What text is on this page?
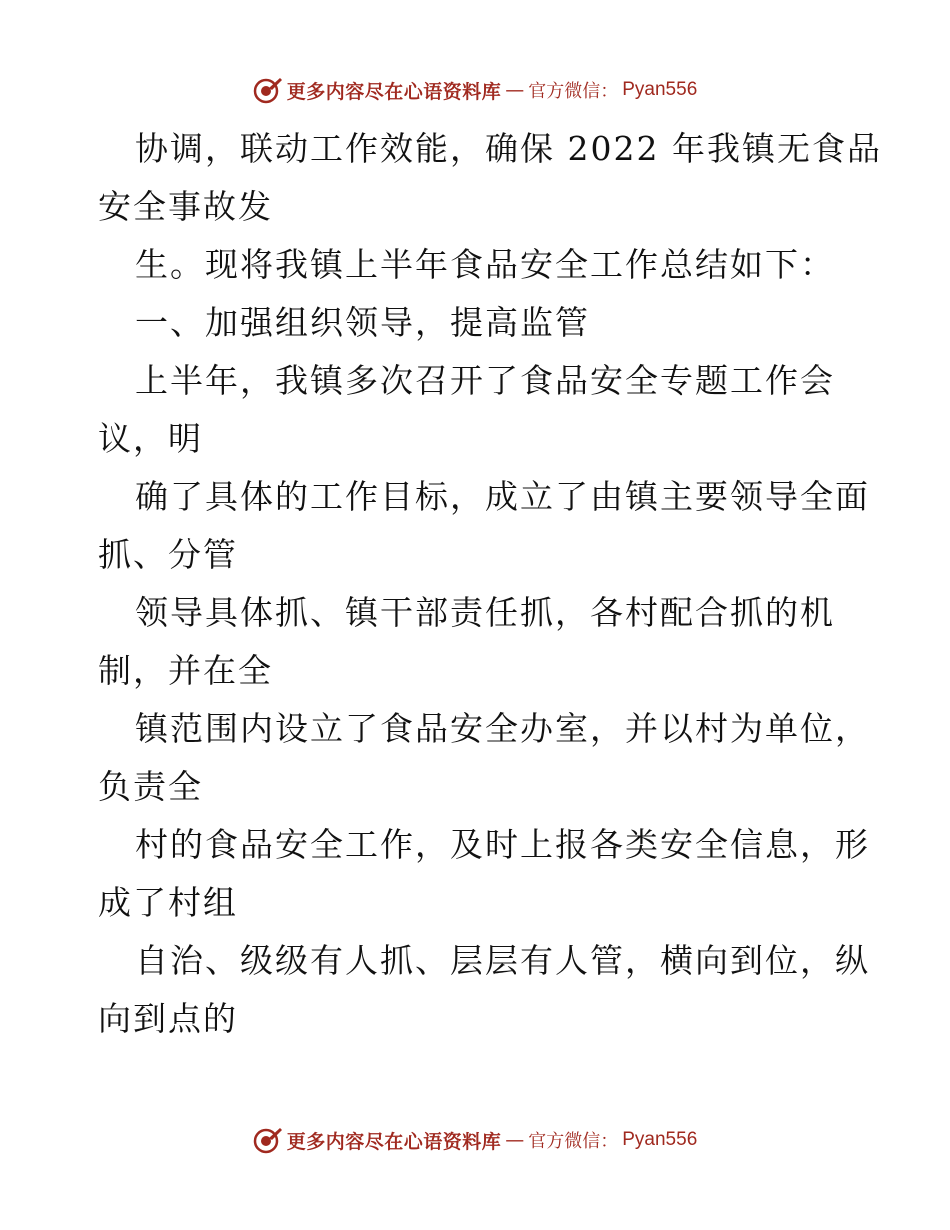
更多内容尽在心语资料库 — 官方微信： Pyan556
协调，联动工作效能，确保 2022 年我镇无食品
安全事故发
生。现将我镇上半年食品安全工作总结如下：
一、加强组织领导，提高监管
上半年，我镇多次召开了食品安全专题工作会
议，明
确了具体的工作目标，成立了由镇主要领导全面
抓、分管
领导具体抓、镇干部责任抓，各村配合抓的机
制，并在全
镇范围内设立了食品安全办室，并以村为单位，
负责全
村的食品安全工作，及时上报各类安全信息，形
成了村组
自治、级级有人抓、层层有人管，横向到位，纵
向到点的
更多内容尽在心语资料库 — 官方微信： Pyan556
